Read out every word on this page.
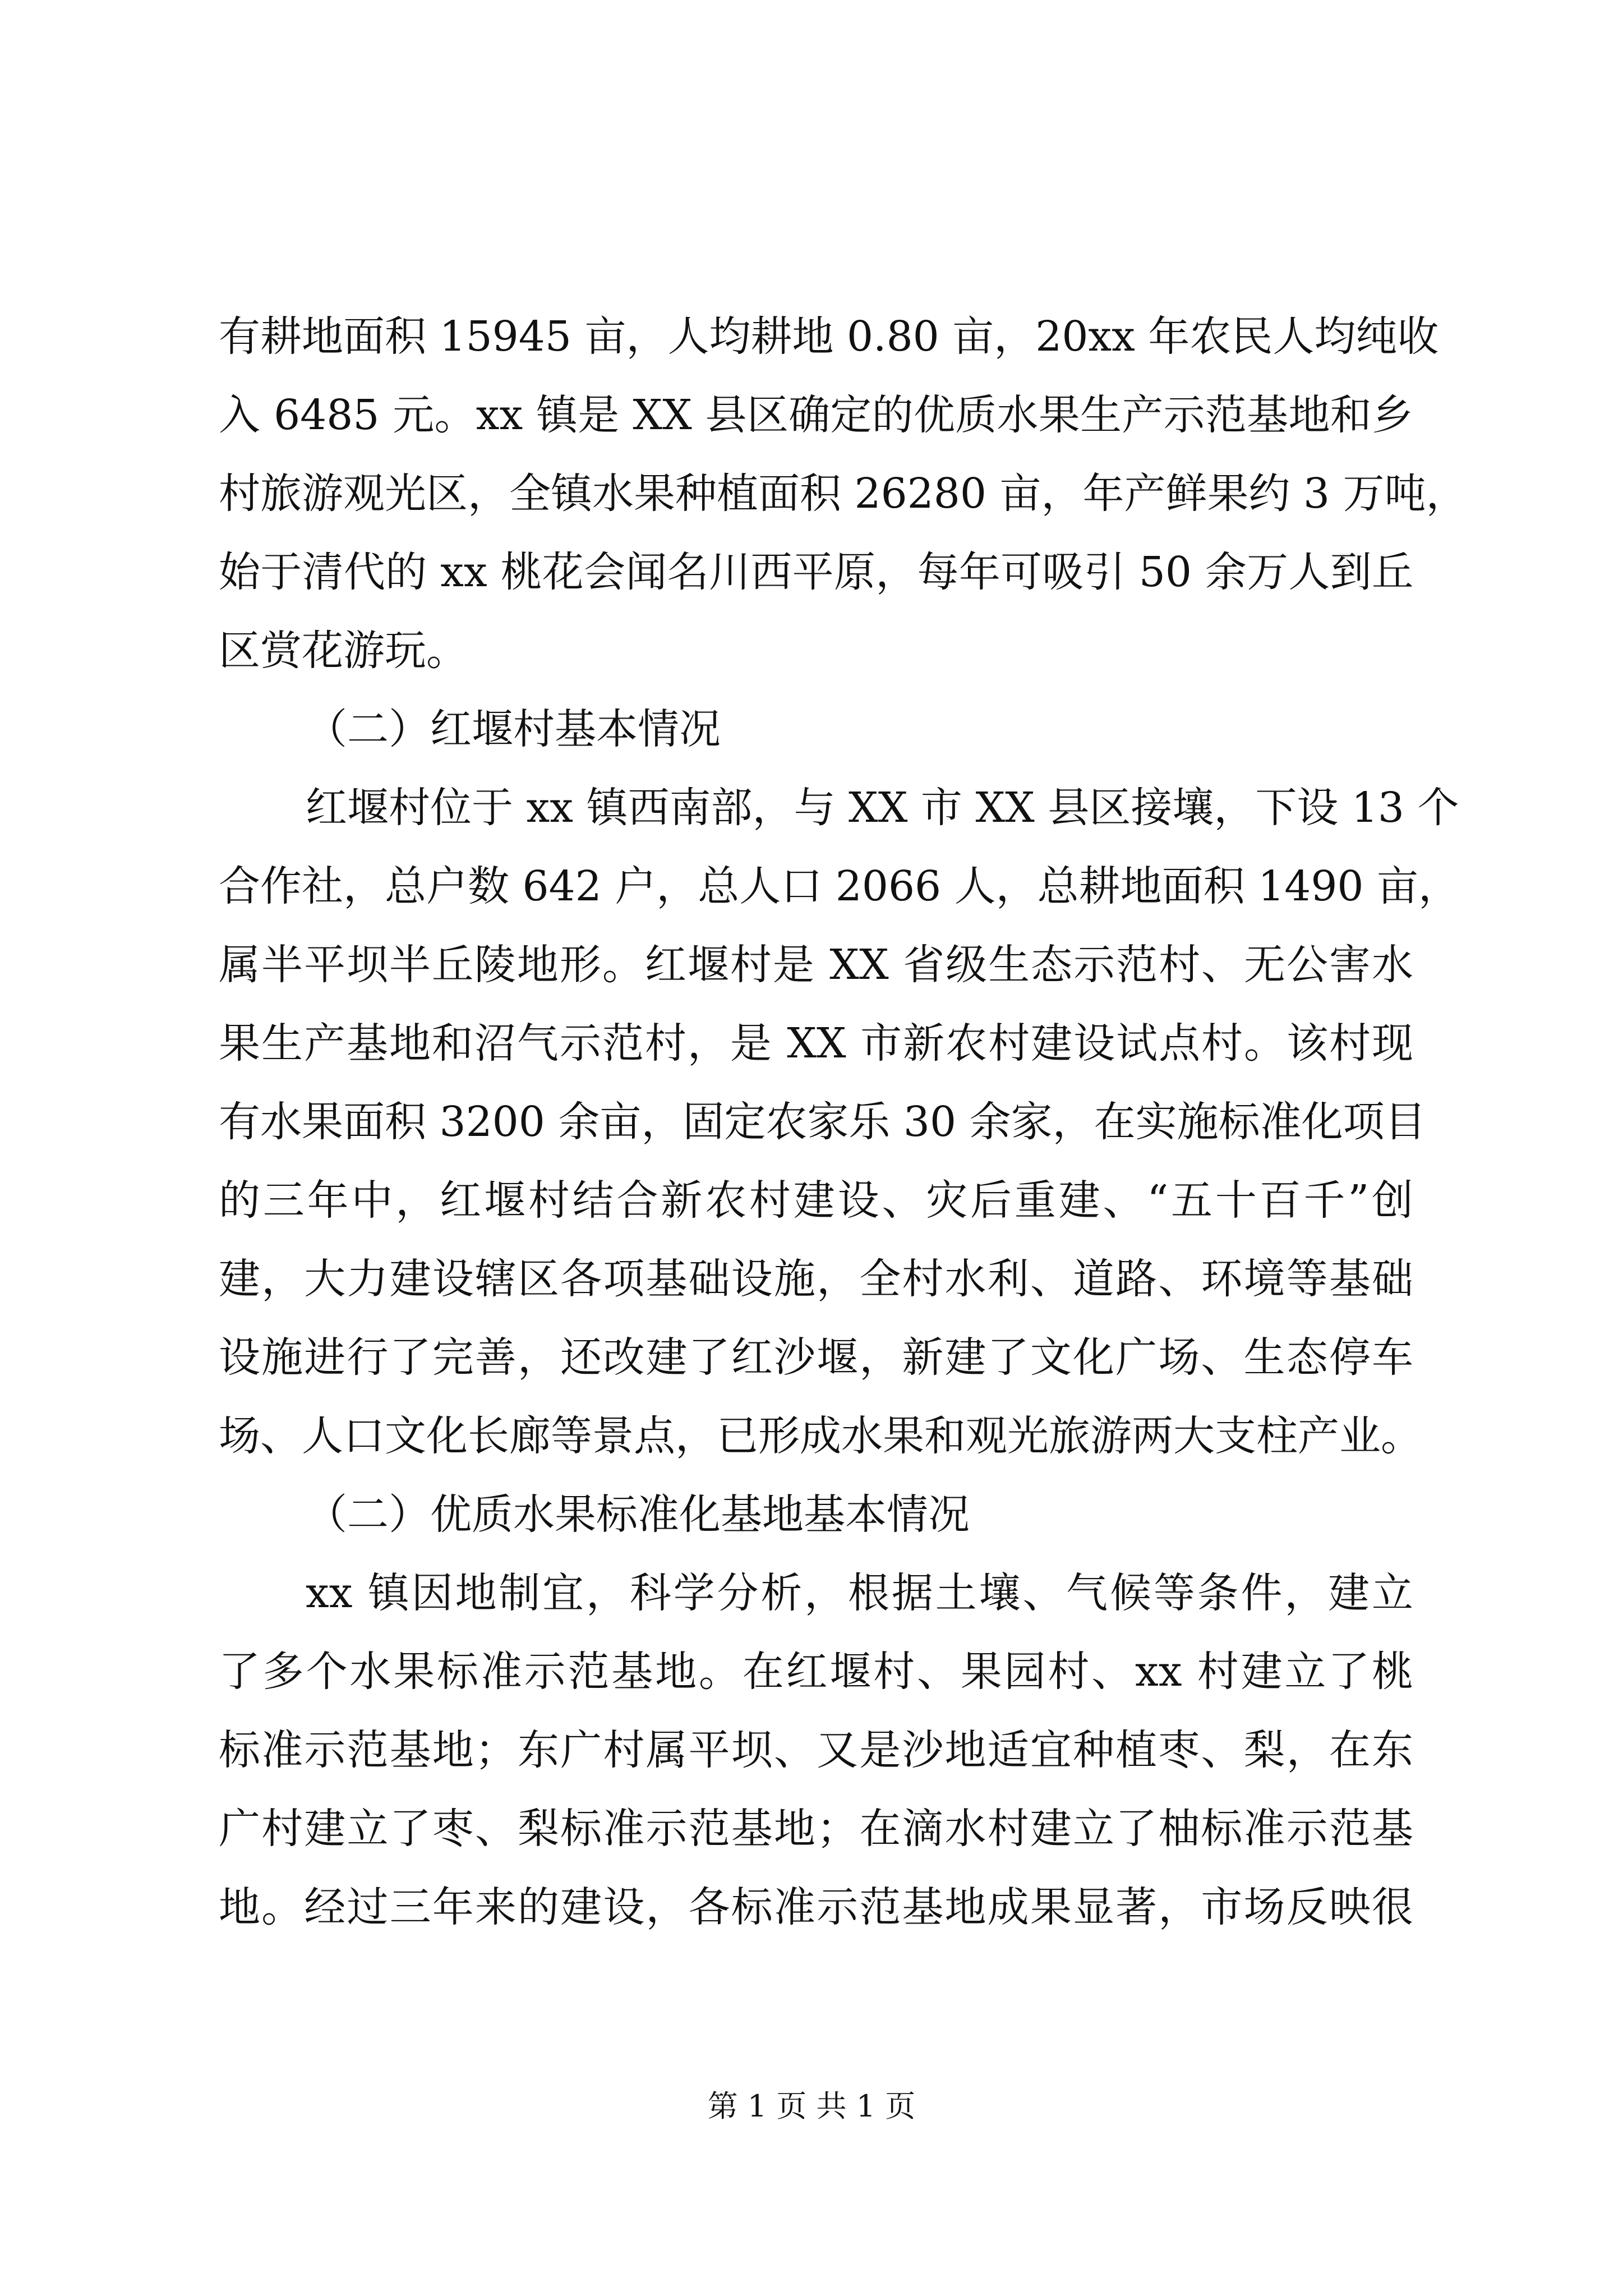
有耕地面积 15945 亩，人均耕地 0.80 亩，20xx 年农民人均纯收
入 6485 元。xx 镇是 XX 县区确定的优质水果生产示范基地和乡
村旅游观光区，全镇水果种植面积 26280 亩，年产鲜果约 3 万吨，
始于清代的 xx 桃花会闻名川西平原，每年可吸引 50 余万人到丘
区赏花游玩。
（二）红堰村基本情况
红堰村位于 xx 镇西南部，与 XX 市 XX 县区接壤，下设 13 个
合作社，总户数 642 户，总人口 2066 人，总耕地面积 1490 亩，
属半平坝半丘陵地形。红堰村是 XX 省级生态示范村、无公害水
果生产基地和沼气示范村，是 XX 市新农村建设试点村。该村现
有水果面积 3200 余亩，固定农家乐 30 余家，在实施标准化项目
的三年中，红堰村结合新农村建设、灾后重建、“五十百千”创
建，大力建设辖区各项基础设施，全村水利、道路、环境等基础
设施进行了完善，还改建了红沙堰，新建了文化广场、生态停车
场、人口文化长廊等景点，已形成水果和观光旅游两大支柱产业。
（二）优质水果标准化基地基本情况
xx 镇因地制宜，科学分析，根据土壤、气候等条件，建立
了多个水果标准示范基地。在红堰村、果园村、xx 村建立了桃
标准示范基地；东广村属平坝、又是沙地适宜种植枣、梨，在东
广村建立了枣、梨标准示范基地；在滴水村建立了柚标准示范基
地。经过三年来的建设，各标准示范基地成果显著，市场反映很
第 1 页 共 1 页
